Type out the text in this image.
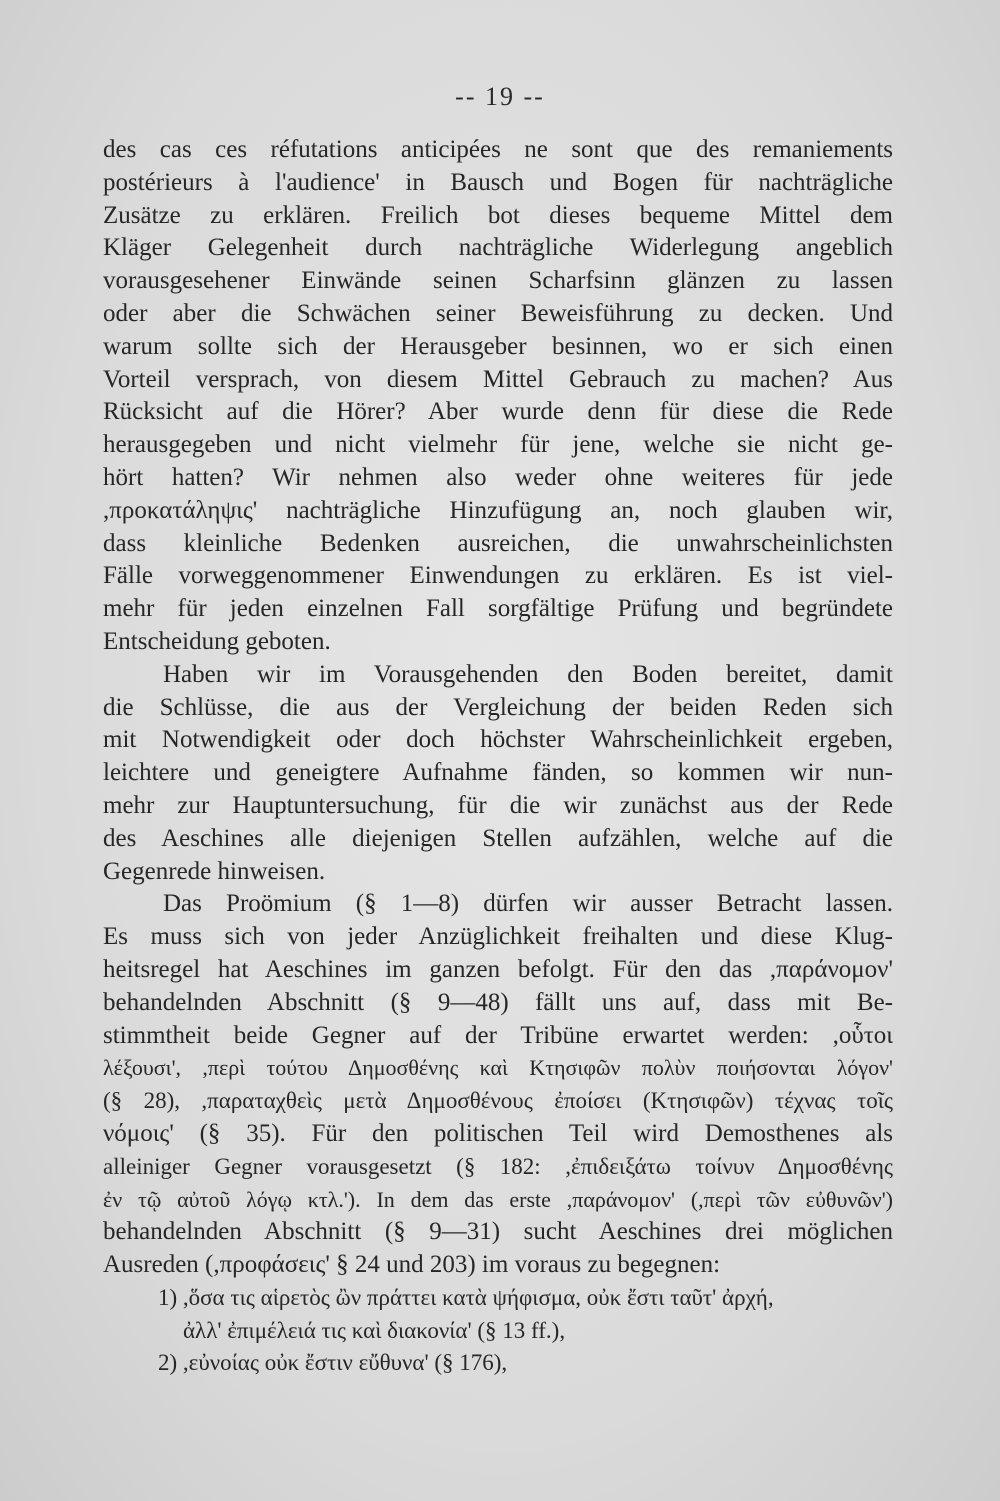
-- 19 --
des cas ces réfutations anticipées ne sont que des remaniements
postérieurs à l'audience' in Bausch und Bogen für nachträgliche
Zusätze zu erklären. Freilich bot dieses bequeme Mittel dem
Kläger Gelegenheit durch nachträgliche Widerlegung angeblich
vorausgesehener Einwände seinen Scharfsinn glänzen zu lassen
oder aber die Schwächen seiner Beweisführung zu decken. Und
warum sollte sich der Herausgeber besinnen, wo er sich einen
Vorteil versprach, von diesem Mittel Gebrauch zu machen? Aus
Rücksicht auf die Hörer? Aber wurde denn für diese die Rede
herausgegeben und nicht vielmehr für jene, welche sie nicht ge-
hört hatten? Wir nehmen also weder ohne weiteres für jede
,προκατάληψις' nachträgliche Hinzufügung an, noch glauben wir,
dass kleinliche Bedenken ausreichen, die unwahrscheinlichsten
Fälle vorweggenommener Einwendungen zu erklären. Es ist viel-
mehr für jeden einzelnen Fall sorgfältige Prüfung und begründete
Entscheidung geboten.
Haben wir im Vorausgehenden den Boden bereitet, damit
die Schlüsse, die aus der Vergleichung der beiden Reden sich
mit Notwendigkeit oder doch höchster Wahrscheinlichkeit ergeben,
leichtere und geneigtere Aufnahme fänden, so kommen wir nun-
mehr zur Hauptuntersuchung, für die wir zunächst aus der Rede
des Aeschines alle diejenigen Stellen aufzählen, welche auf die
Gegenrede hinweisen.
Das Proömium (§ 1—8) dürfen wir ausser Betracht lassen.
Es muss sich von jeder Anzüglichkeit freihalten und diese Klug-
heitsregel hat Aeschines im ganzen befolgt. Für den das ,παράνομον'
behandelnden Abschnitt (§ 9—48) fällt uns auf, dass mit Be-
stimmtheit beide Gegner auf der Tribüne erwartet werden: ,οὗτοι
λέξουσι', ,περὶ τούτου Δημοσθένης καὶ Κτησιφῶν πολὺν ποιήσονται λόγον'
(§ 28), ,παραταχθεὶς μετὰ Δημοσθένους ἐποίσει (Κτησιφῶν) τέχνας τοῖς
νόμοις' (§ 35). Für den politischen Teil wird Demosthenes als
alleiniger Gegner vorausgesetzt (§ 182: ,ἐπιδειξάτω τοίνυν Δημοσθένης
ἐν τῷ αὐτοῦ λόγῳ κτλ.'). In dem das erste ,παράνομον' (,περὶ τῶν εὐθυνῶν')
behandelnden Abschnitt (§ 9—31) sucht Aeschines drei möglichen
Ausreden (,προφάσεις' § 24 und 203) im voraus zu begegnen:
1) ,ὅσα τις αἱρετὸς ὢν πράττει κατὰ ψήφισμα, οὐκ ἔστι ταῦτ' ἀρχή,
ἀλλ' ἐπιμέλειά τις καὶ διακονία' (§ 13 ff.),
2) ,εὐνοίας οὐκ ἔστιν εὔθυνα' (§ 176),
